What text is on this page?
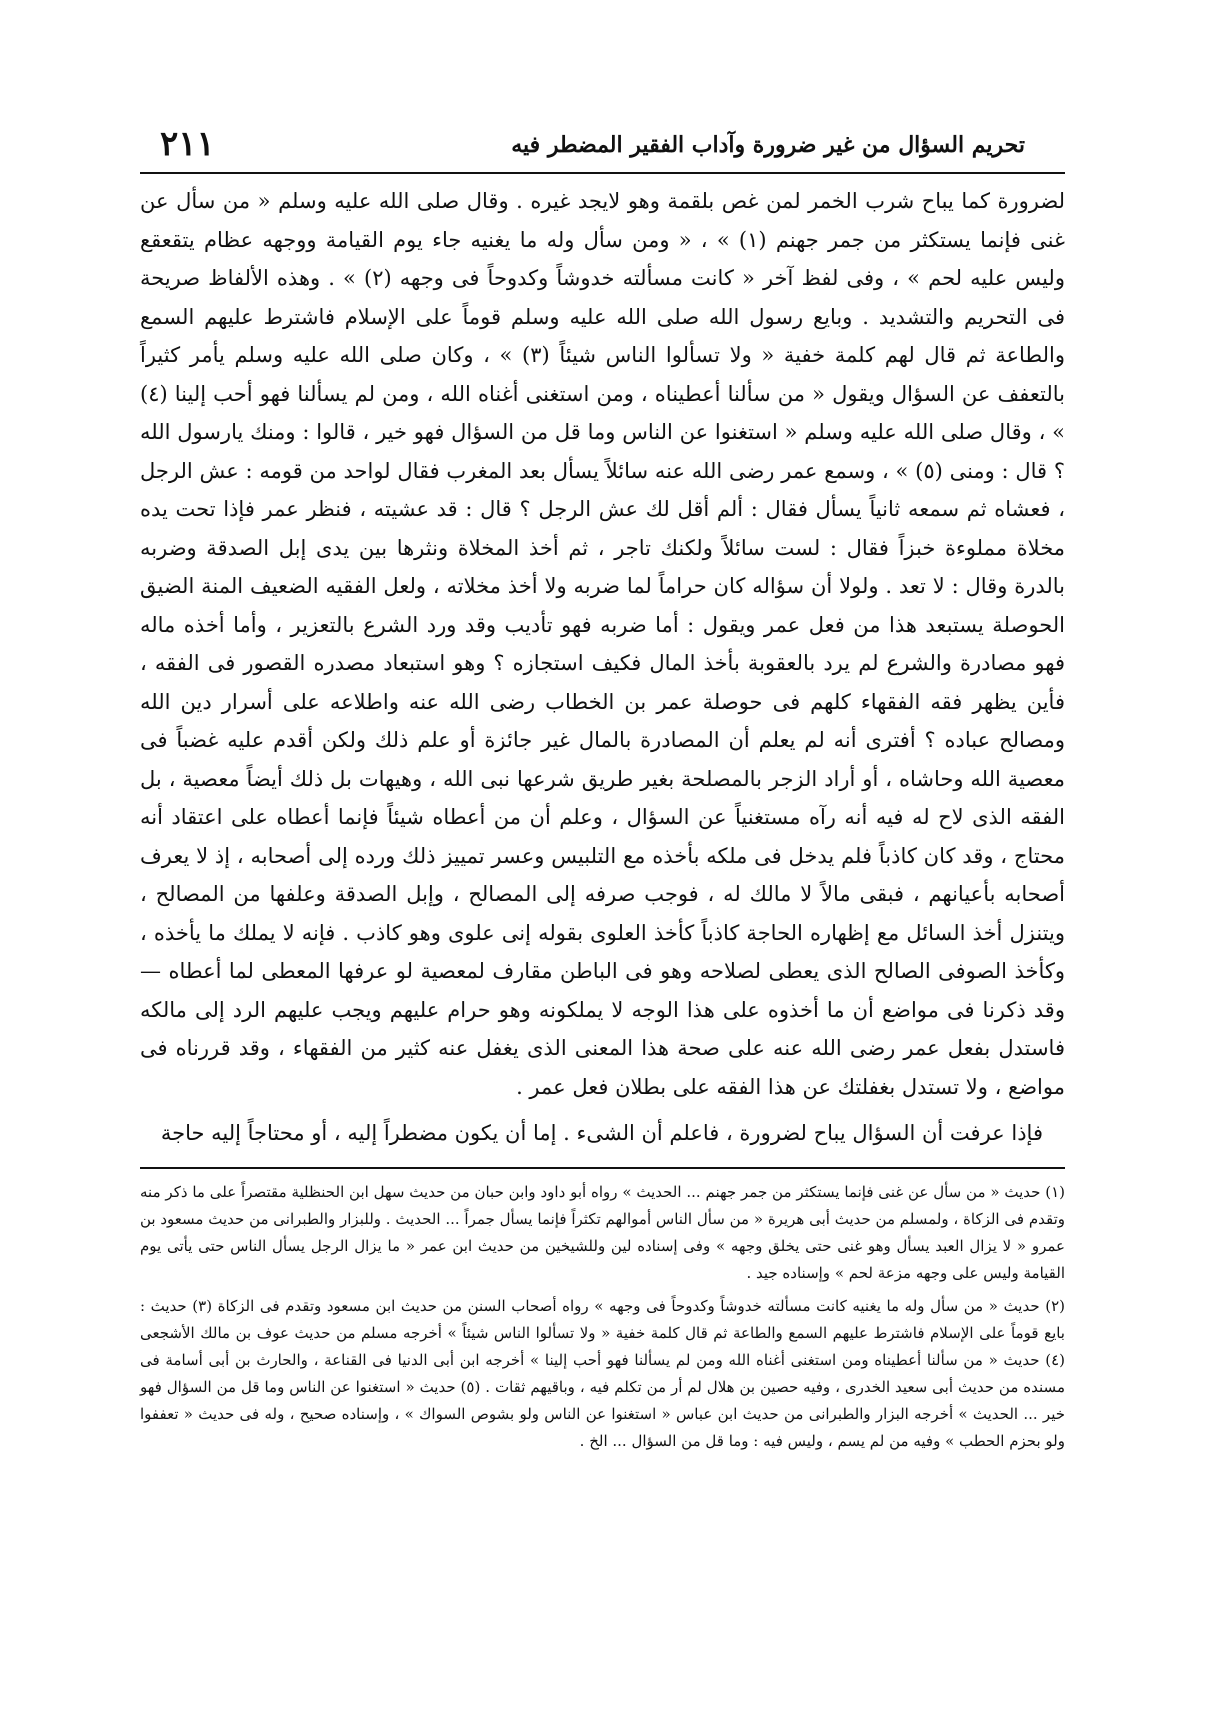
تحريم السؤال من غير ضرورة وآداب الفقير المضطر فيه
٢١١

لضرورة كما يباح شرب الخمر لمن غص بلقمة وهو لايجد غيره . وقال صلى الله عليه وسلم « من سأل عن غنى فإنما يستكثر من جمر جهنم (١) » ، « ومن سأل وله ما يغنيه جاء يوم القيامة ووجهه عظام يتقعقع وليس عليه لحم » ، وفى لفظ آخر « كانت مسألته خدوشاً وكدوحاً فى وجهه (٢) » . وهذه الألفاظ صريحة فى التحريم والتشديد . وبايع رسول الله صلى الله عليه وسلم قوماً على الإسلام فاشترط عليهم السمع والطاعة ثم قال لهم كلمة خفية « ولا تسألوا الناس شيئاً (٣) » ، وكان صلى الله عليه وسلم يأمر كثيراً بالتعفف عن السؤال ويقول « من سألنا أعطيناه ، ومن استغنى أغناه الله ، ومن لم يسألنا فهو أحب إلينا (٤) » ، وقال صلى الله عليه وسلم « استغنوا عن الناس وما قل من السؤال فهو خير ، قالوا : ومنك يارسول الله ؟ قال : ومنى (٥) » ، وسمع عمر رضى الله عنه سائلاً يسأل بعد المغرب فقال لواحد من قومه : عش الرجل ، فعشاه ثم سمعه ثانياً يسأل فقال : ألم أقل لك عش الرجل ؟ قال : قد عشيته ، فنظر عمر فإذا تحت يده مخلاة مملوءة خبزاً فقال : لست سائلاً ولكنك تاجر ، ثم أخذ المخلاة ونثرها بين يدى إبل الصدقة وضربه بالدرة وقال : لا تعد . ولولا أن سؤاله كان حراماً لما ضربه ولا أخذ مخلاته ، ولعل الفقيه الضعيف المنة الضيق الحوصلة يستبعد هذا من فعل عمر ويقول : أما ضربه فهو تأديب وقد ورد الشرع بالتعزير ، وأما أخذه ماله فهو مصادرة والشرع لم يرد بالعقوبة بأخذ المال فكيف استجازه ؟ وهو استبعاد مصدره القصور فى الفقه ، فأين يظهر فقه الفقهاء كلهم فى حوصلة عمر بن الخطاب رضى الله عنه واطلاعه على أسرار دين الله ومصالح عباده ؟ أفترى أنه لم يعلم أن المصادرة بالمال غير جائزة أو علم ذلك ولكن أقدم عليه غضباً فى معصية الله وحاشاه ، أو أراد الزجر بالمصلحة بغير طريق شرعها نبى الله ، وهيهات بل ذلك أيضاً معصية ، بل الفقه الذى لاح له فيه أنه رآه مستغنياً عن السؤال ، وعلم أن من أعطاه شيئاً فإنما أعطاه على اعتقاد أنه محتاج ، وقد كان كاذباً فلم يدخل فى ملكه بأخذه مع التلبيس وعسر تمييز ذلك ورده إلى أصحابه ، إذ لا يعرف أصحابه بأعيانهم ، فبقى مالاً لا مالك له ، فوجب صرفه إلى المصالح ، وإبل الصدقة وعلفها من المصالح ، ويتنزل أخذ السائل مع إظهاره الحاجة كاذباً كأخذ العلوى بقوله إنى علوى وهو كاذب . فإنه لا يملك ما يأخذه ، وكأخذ الصوفى الصالح الذى يعطى لصلاحه وهو فى الباطن مقارف لمعصية لو عرفها المعطى لما أعطاه — وقد ذكرنا فى مواضع أن ما أخذوه على هذا الوجه لا يملكونه وهو حرام عليهم ويجب عليهم الرد إلى مالكه فاستدل بفعل عمر رضى الله عنه على صحة هذا المعنى الذى يغفل عنه كثير من الفقهاء ، وقد قررناه فى مواضع ، ولا تستدل بغفلتك عن هذا الفقه على بطلان فعل عمر .

فإذا عرفت أن السؤال يباح لضرورة ، فاعلم أن الشىء . إما أن يكون مضطراً إليه ، أو محتاجاً إليه حاجة

(١) حديث « من سأل عن غنى فإنما يستكثر من جمر جهنم ... الحديث » رواه أبو داود وابن حبان من حديث سهل ابن الحنظلية مقتصراً على ما ذكر منه وتقدم فى الزكاة ، ولمسلم من حديث أبى هريرة « من سأل الناس أموالهم تكثراً فإنما يسأل جمراً ... الحديث . وللبزار والطبرانى من حديث مسعود بن عمرو « لا يزال العبد يسأل وهو غنى حتى يخلق وجهه » وفى إسناده لين وللشيخين من حديث ابن عمر « ما يزال الرجل يسأل الناس حتى يأتى يوم القيامة وليس على وجهه مزعة لحم » وإسناده جيد .

(٢) حديث « من سأل وله ما يغنيه كانت مسألته خدوشاً وكدوحاً فى وجهه » رواه أصحاب السنن من حديث ابن مسعود وتقدم فى الزكاة (٣) حديث : بايع قوماً على الإسلام فاشترط عليهم السمع والطاعة ثم قال كلمة خفية « ولا تسألوا الناس شيئاً » أخرجه مسلم من حديث عوف بن مالك الأشجعى (٤) حديث « من سألنا أعطيناه ومن استغنى أغناه الله ومن لم يسألنا فهو أحب إلينا » أخرجه ابن أبى الدنيا فى القناعة ، والحارث بن أبى أسامة فى مسنده من حديث أبى سعيد الخدرى ، وفيه حصين بن هلال لم أر من تكلم فيه ، وباقيهم ثقات . (٥) حديث « استغنوا عن الناس وما قل من السؤال فهو خير ... الحديث » أخرجه البزار والطبرانى من حديث ابن عباس « استغنوا عن الناس ولو بشوص السواك » ، وإسناده صحيح ، وله فى حديث « تعففوا ولو بحزم الحطب » وفيه من لم يسم ، وليس فيه : وما قل من السؤال ... الخ .
